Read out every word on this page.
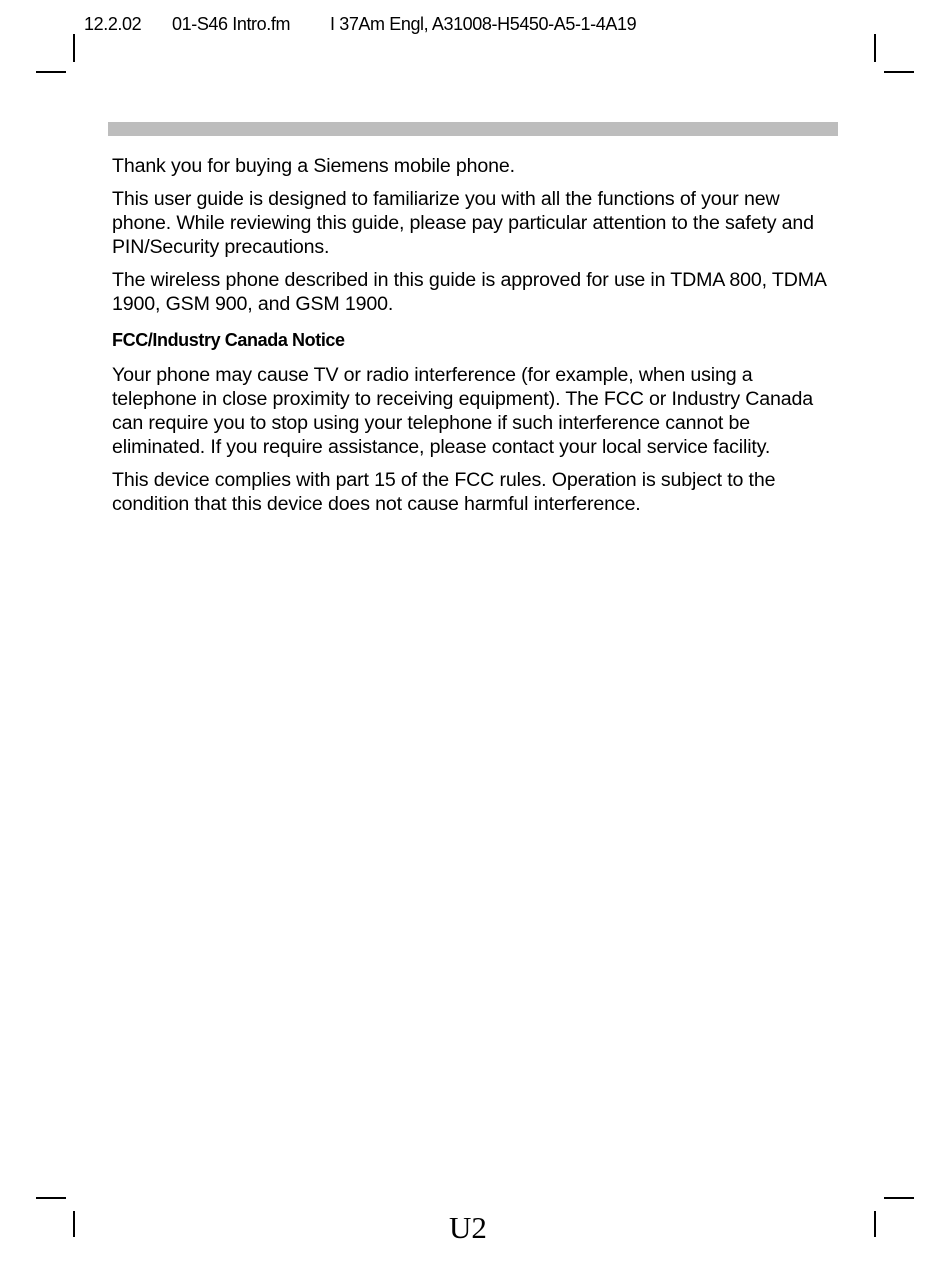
12.2.02 01-S46 Intro.fm I 37Am Engl, A31008-H5450-A5-1-4A19

Thank you for buying a Siemens mobile phone.

This user guide is designed to familiarize you with all the functions of your new phone. While reviewing this guide, please pay particular attention to the safety and PIN/Security precautions.

The wireless phone described in this guide is approved for use in TDMA 800, TDMA 1900, GSM 900, and GSM 1900.

FCC/Industry Canada Notice

Your phone may cause TV or radio interference (for example, when using a telephone in close proximity to receiving equipment). The FCC or Industry Canada can require you to stop using your telephone if such interference cannot be eliminated. If you require assistance, please contact your local service facility.

This device complies with part 15 of the FCC rules. Operation is subject to the condition that this device does not cause harmful interference.

U2
